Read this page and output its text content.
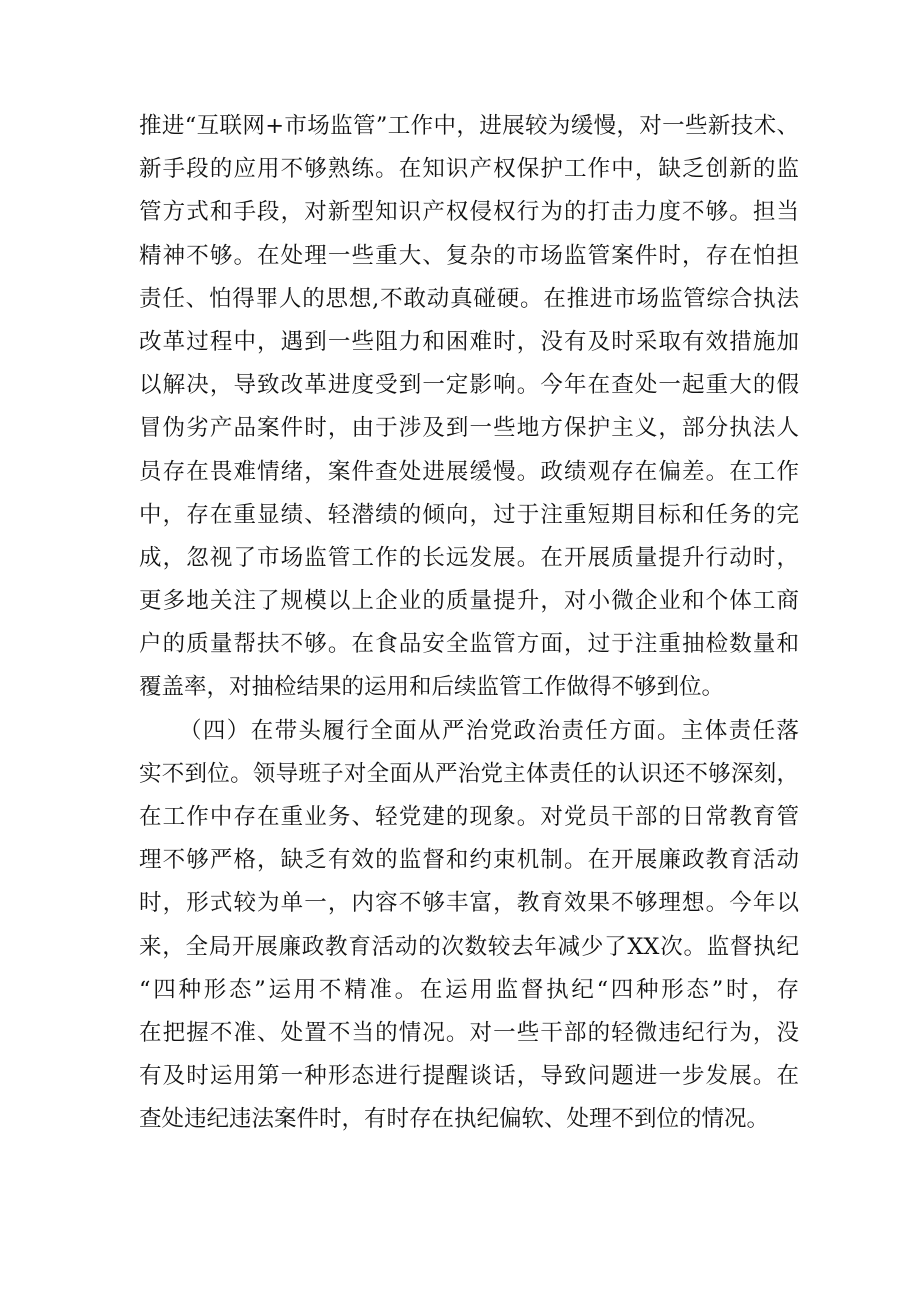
推进“互联网+市场监管”工作中，进展较为缓慢，对一些新技术、
新手段的应用不够熟练。在知识产权保护工作中，缺乏创新的监
管方式和手段，对新型知识产权侵权行为的打击力度不够。担当
精神不够。在处理一些重大、复杂的市场监管案件时，存在怕担
责任、怕得罪人的思想,不敢动真碰硬。在推进市场监管综合执法
改革过程中，遇到一些阻力和困难时，没有及时采取有效措施加
以解决，导致改革进度受到一定影响。今年在查处一起重大的假
冒伪劣产品案件时，由于涉及到一些地方保护主义，部分执法人
员存在畏难情绪，案件查处进展缓慢。政绩观存在偏差。在工作
中，存在重显绩、轻潜绩的倾向，过于注重短期目标和任务的完
成，忽视了市场监管工作的长远发展。在开展质量提升行动时，
更多地关注了规模以上企业的质量提升，对小微企业和个体工商
户的质量帮扶不够。在食品安全监管方面，过于注重抽检数量和
覆盖率，对抽检结果的运用和后续监管工作做得不够到位。
（四）在带头履行全面从严治党政治责任方面。主体责任落
实不到位。领导班子对全面从严治党主体责任的认识还不够深刻，
在工作中存在重业务、轻党建的现象。对党员干部的日常教育管
理不够严格，缺乏有效的监督和约束机制。在开展廉政教育活动
时，形式较为单一，内容不够丰富，教育效果不够理想。今年以
来，全局开展廉政教育活动的次数较去年减少了XX次。监督执纪
“四种形态”运用不精准。在运用监督执纪“四种形态”时，存
在把握不准、处置不当的情况。对一些干部的轻微违纪行为，没
有及时运用第一种形态进行提醒谈话，导致问题进一步发展。在
查处违纪违法案件时，有时存在执纪偏软、处理不到位的情况。
